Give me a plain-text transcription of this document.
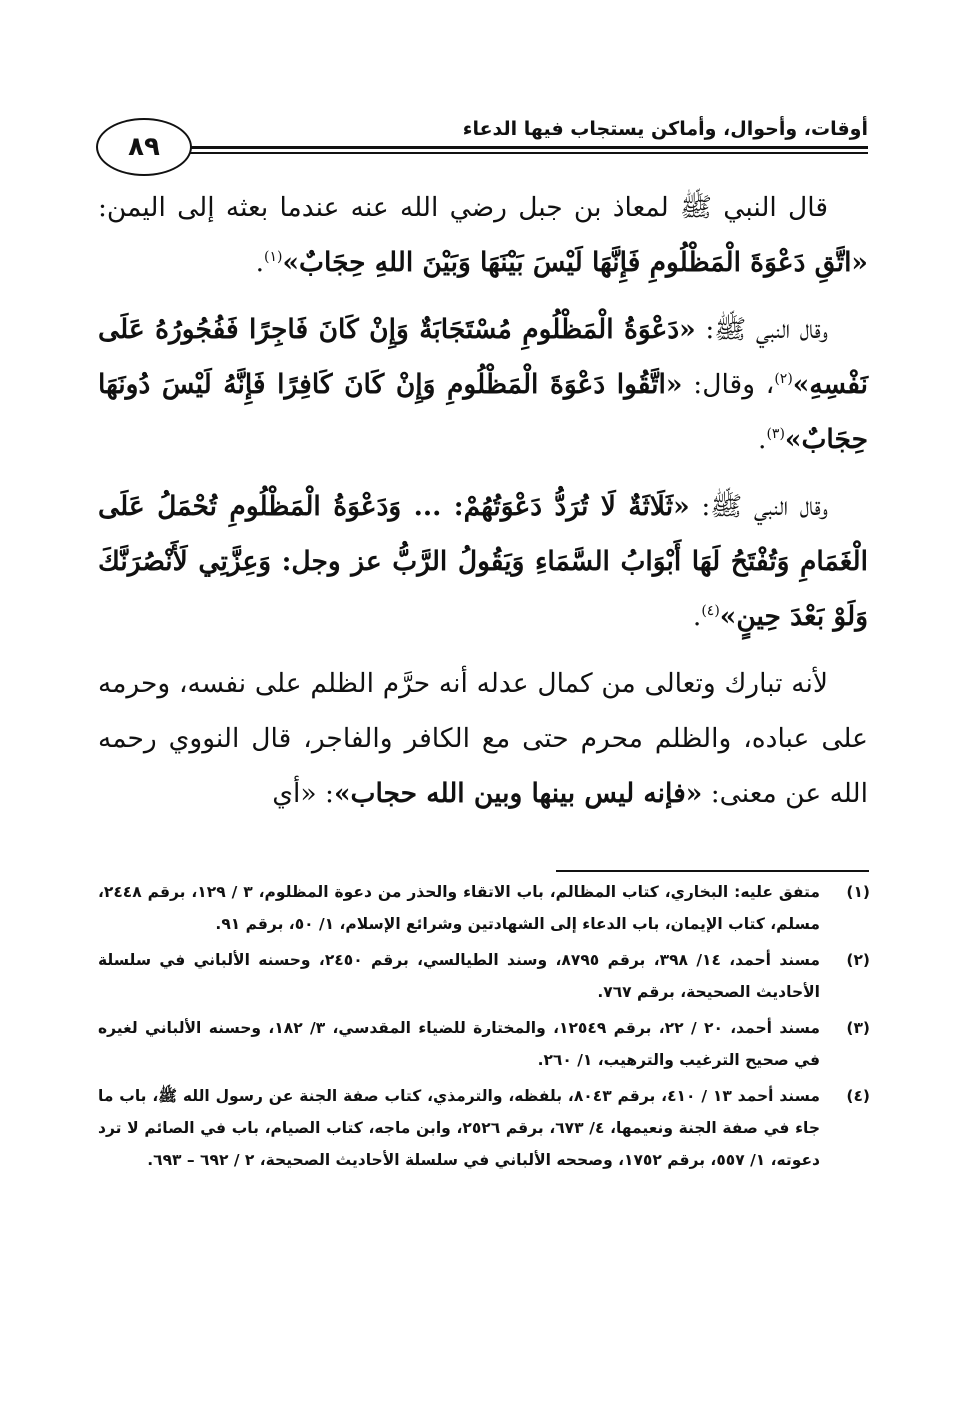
٨٩
أوقات، وأحوال، وأماكن يستجاب فيها الدعاء

قال النبي ﷺ لمعاذ بن جبل رضي الله عنه عندما بعثه إلى اليمن: «اتَّقِ دَعْوَةَ الْمَظْلُومِ فَإِنَّهَا لَيْسَ بَيْنَهَا وَبَيْنَ اللهِ حِجَابٌ»$^{(١)}$.

وقال النبي ﷺ: «دَعْوَةُ الْمَظْلُومِ مُسْتَجَابَةٌ وَإِنْ كَانَ فَاجِرًا فَفُجُورُهُ عَلَى نَفْسِهِ»$^{(٢)}$، وقال: «اتَّقُوا دَعْوَةَ الْمَظْلُومِ وَإِنْ كَانَ كَافِرًا فَإِنَّهُ لَيْسَ دُونَهَا حِجَابٌ»$^{(٣)}$.

وقال النبي ﷺ: «ثَلَاثَةٌ لَا تُرَدُّ دَعْوَتُهُمْ: ... وَدَعْوَةُ الْمَظْلُومِ تُحْمَلُ عَلَى الْغَمَامِ وَتُفْتَحُ لَهَا أَبْوَابُ السَّمَاءِ وَيَقُولُ الرَّبُّ عز وجل: وَعِزَّتِي لَأَنْصُرَنَّكَ وَلَوْ بَعْدَ حِينٍ»$^{(٤)}$.

لأنه تبارك وتعالى من كمال عدله أنه حرَّم الظلم على نفسه، وحرمه على عباده، والظلم محرم حتى مع الكافر والفاجر، قال النووي رحمه الله عن معنى: «فإنه ليس بينها وبين الله حجاب»: «أي

(١)
متفق عليه: البخاري، كتاب المظالم، باب الاتقاء والحذر من دعوة المظلوم، ٣ / ١٢٩، برقم ٢٤٤٨، مسلم، كتاب الإيمان، باب الدعاء إلى الشهادتين وشرائع الإسلام، ١/ ٥٠، برقم ٩١.
(٢)
مسند أحمد، ١٤/ ٣٩٨، برقم ٨٧٩٥، وسند الطيالسي، برقم ٢٤٥٠، وحسنه الألباني في سلسلة الأحاديث الصحيحة، برقم ٧٦٧.
(٣)
مسند أحمد، ٢٠ / ٢٢، برقم ١٢٥٤٩، والمختارة للضياء المقدسي، ٣/ ١٨٢، وحسنه الألباني لغيره في صحيح الترغيب والترهيب، ١/ ٢٦٠.
(٤)
مسند أحمد ١٣ / ٤١٠، برقم ٨٠٤٣، بلفظه، والترمذي، كتاب صفة الجنة عن رسول الله ﷺ، باب ما جاء في صفة الجنة ونعيمها، ٤/ ٦٧٣، برقم ٢٥٢٦، وابن ماجه، كتاب الصيام، باب في الصائم لا ترد دعوته، ١/ ٥٥٧، برقم ١٧٥٢، وصححه الألباني في سلسلة الأحاديث الصحيحة، ٢ / ٦٩٢ – ٦٩٣.
